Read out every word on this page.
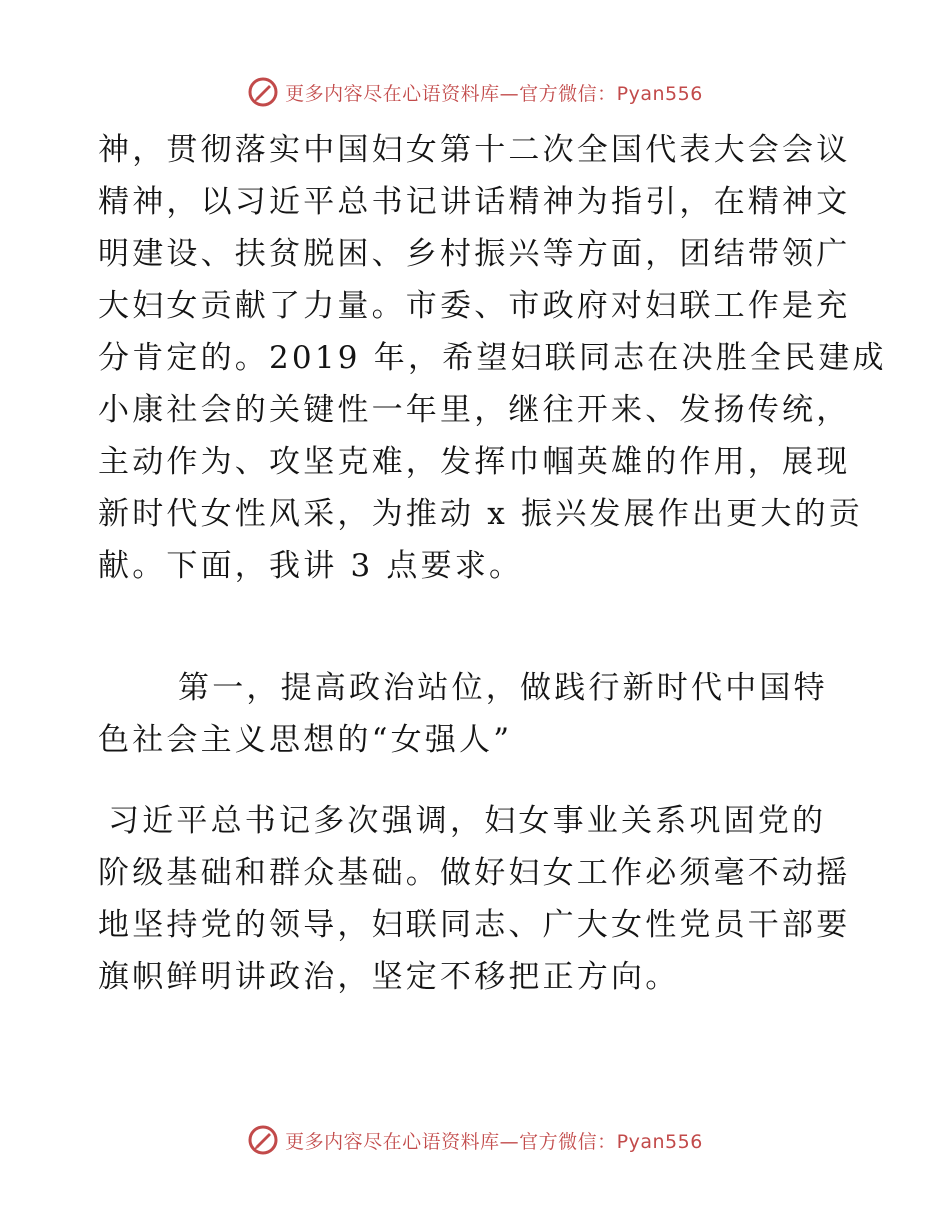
更多内容尽在心语资料库—官方微信：Pyan556
神，贯彻落实中国妇女第十二次全国代表大会会议
精神，以习近平总书记讲话精神为指引，在精神文
明建设、扶贫脱困、乡村振兴等方面，团结带领广
大妇女贡献了力量。市委、市政府对妇联工作是充
分肯定的。2019 年，希望妇联同志在决胜全民建成
小康社会的关键性一年里，继往开来、发扬传统，
主动作为、攻坚克难，发挥巾帼英雄的作用，展现
新时代女性风采，为推动 x 振兴发展作出更大的贡
献。下面，我讲 3 点要求。
第一，提高政治站位，做践行新时代中国特
色社会主义思想的“女强人”
习近平总书记多次强调，妇女事业关系巩固党的
阶级基础和群众基础。做好妇女工作必须毫不动摇
地坚持党的领导，妇联同志、广大女性党员干部要
旗帜鲜明讲政治，坚定不移把正方向。
更多内容尽在心语资料库—官方微信：Pyan556
